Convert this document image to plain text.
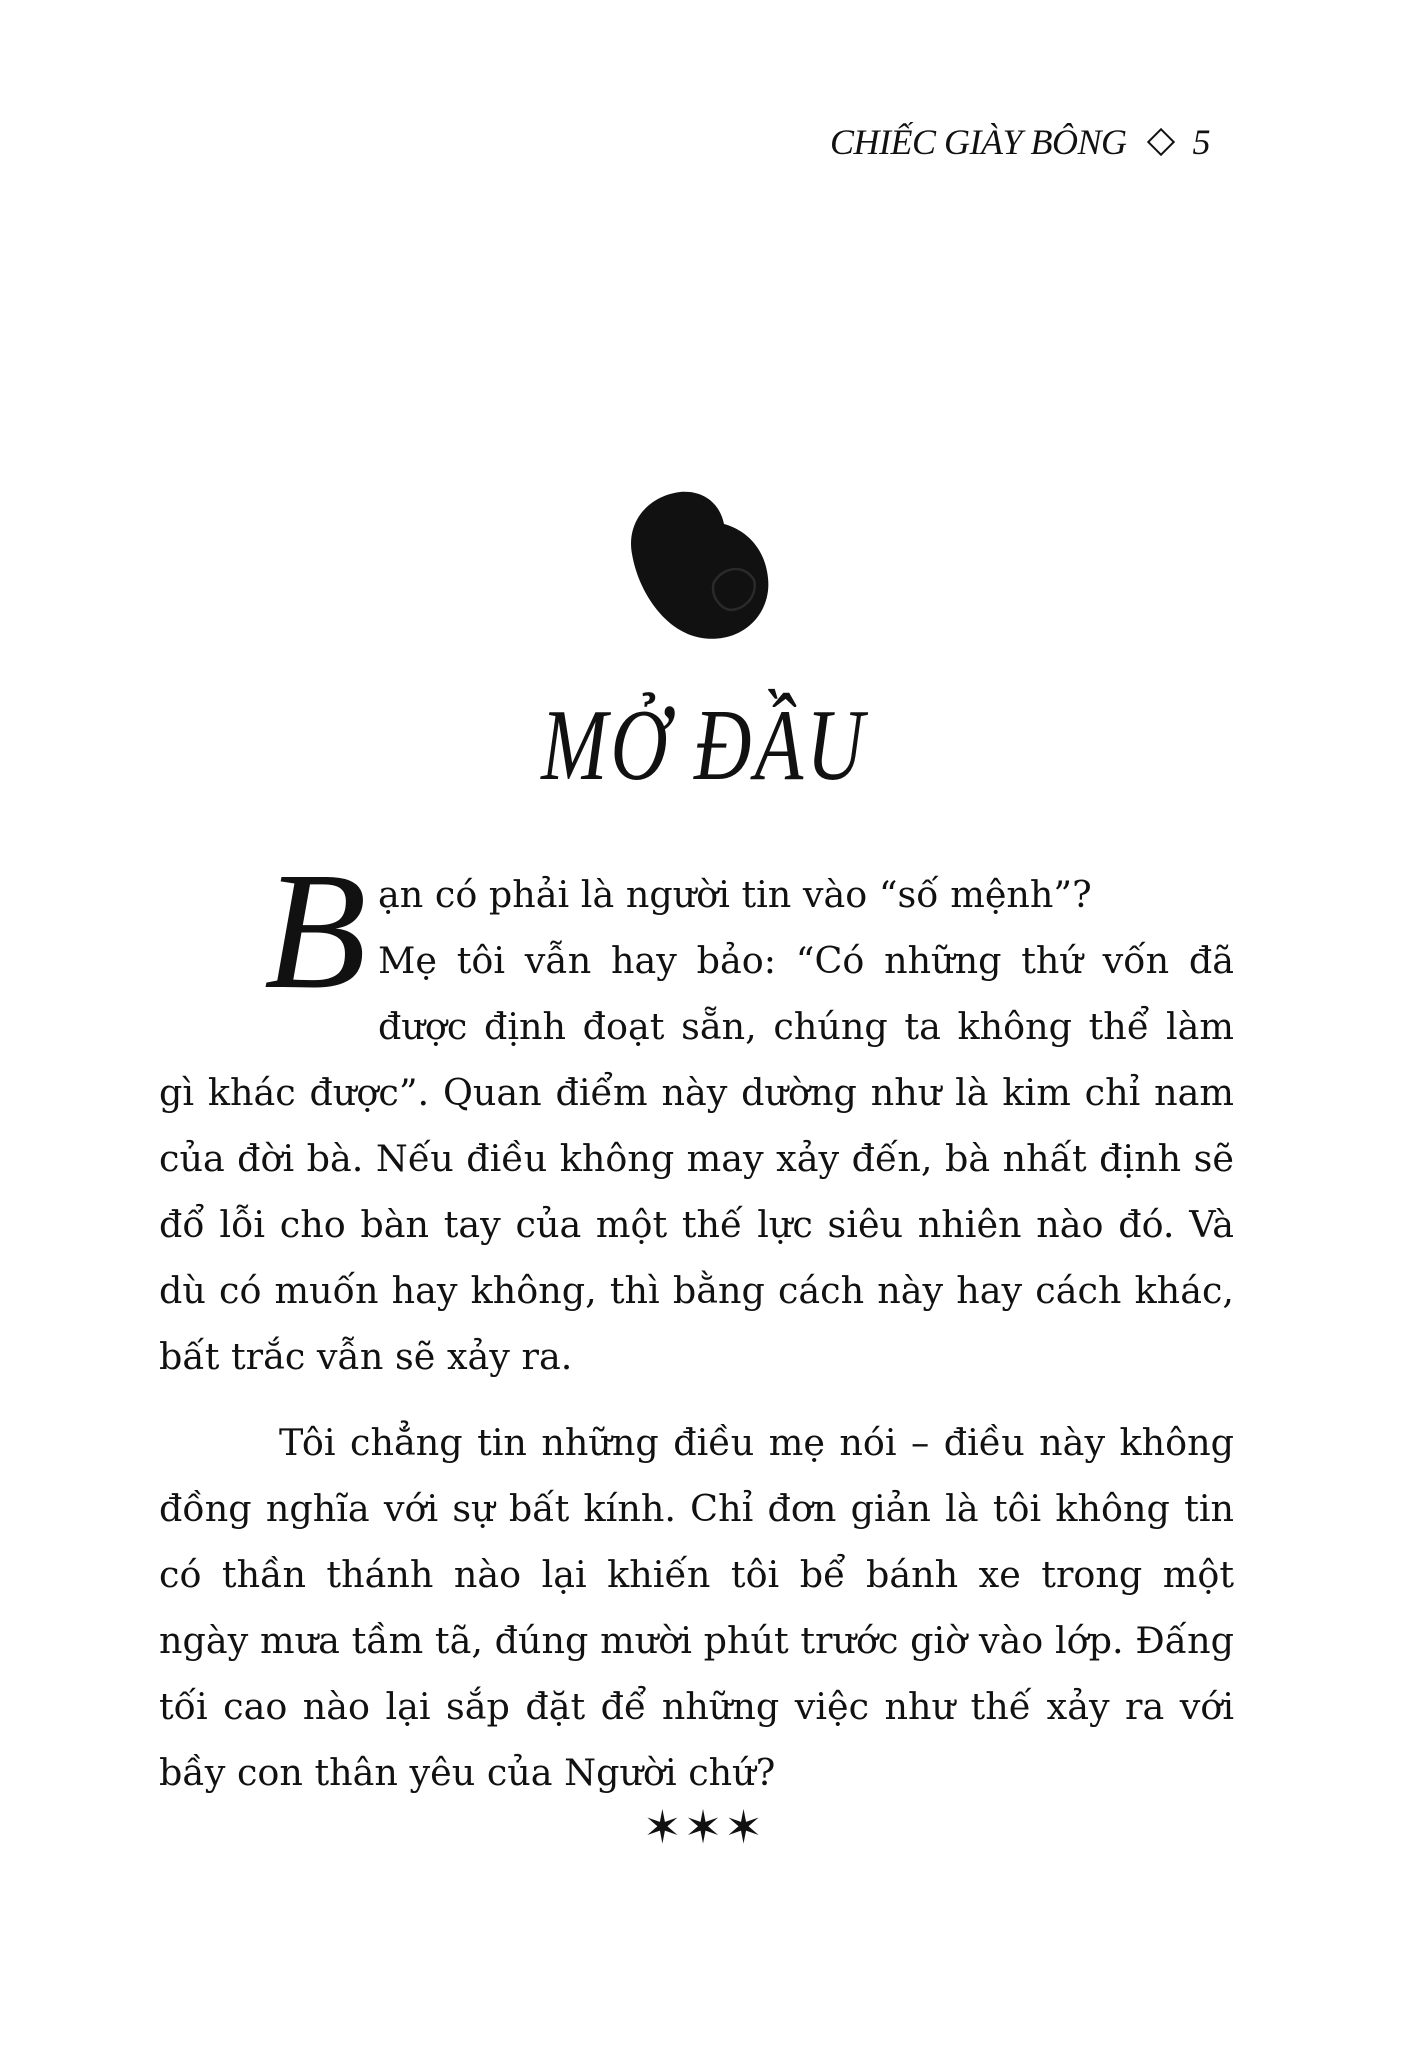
CHIẾC GIÀY BÔNG 5
MỞ ĐẦU
B ạn có phải là người tin vào “số mệnh”?

Mẹ tôi vẫn hay bảo: “Có những thứ vốn đã được định đoạt sẵn, chúng ta không thể làm gì khác được”. Quan điểm này dường như là kim chỉ nam của đời bà. Nếu điều không may xảy đến, bà nhất định sẽ đổ lỗi cho bàn tay của một thế lực siêu nhiên nào đó. Và dù có muốn hay không, thì bằng cách này hay cách khác, bất trắc vẫn sẽ xảy ra.

Tôi chẳng tin những điều mẹ nói – điều này không đồng nghĩa với sự bất kính. Chỉ đơn giản là tôi không tin có thần thánh nào lại khiến tôi bể bánh xe trong một ngày mưa tầm tã, đúng mười phút trước giờ vào lớp. Đấng tối cao nào lại sắp đặt để những việc như thế xảy ra với bầy con thân yêu của Người chứ?

✶✶✶
